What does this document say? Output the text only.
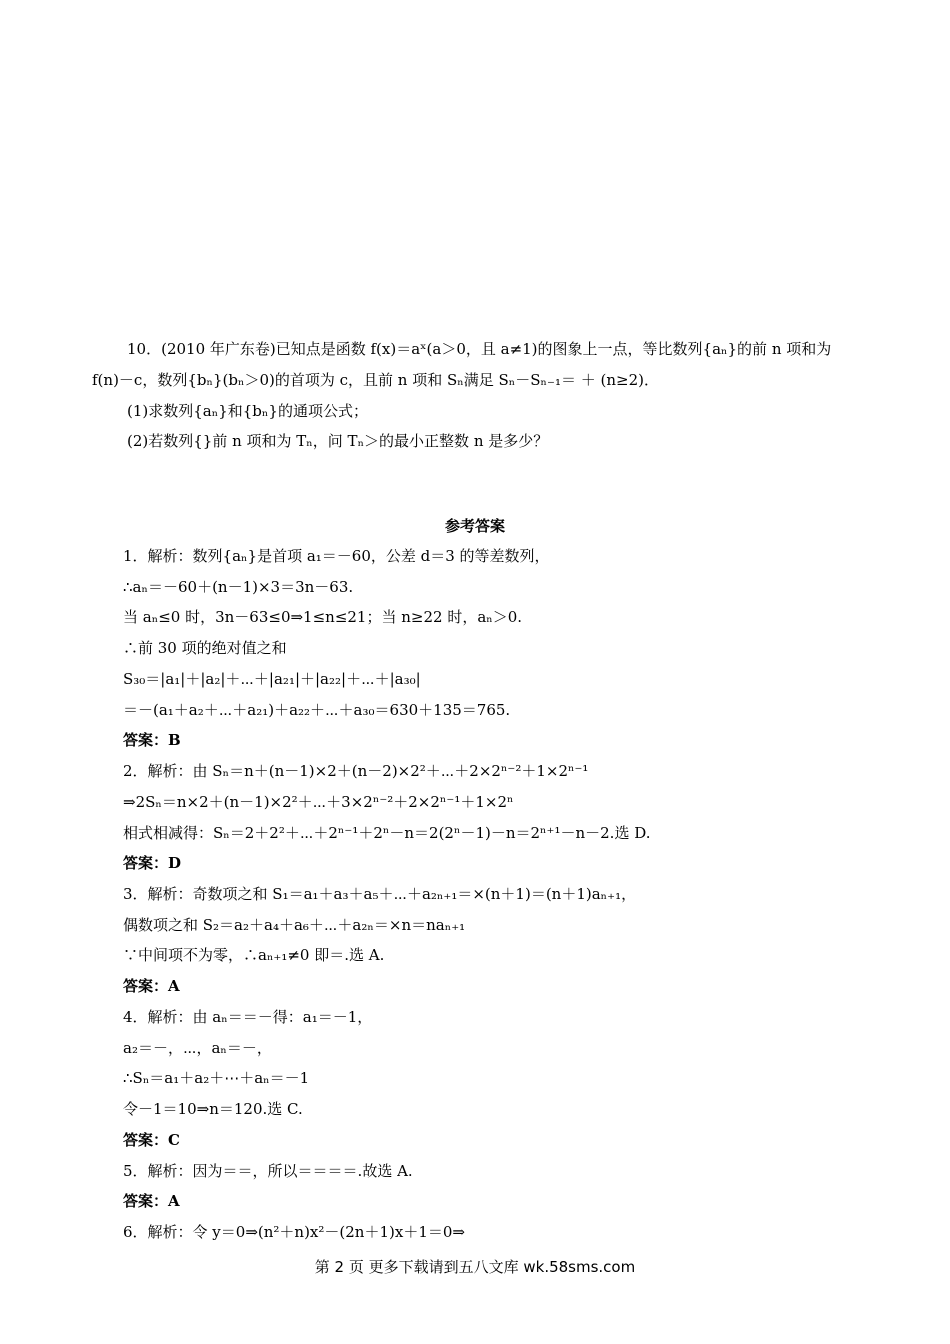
10．(2010 年广东卷)已知点是函数 f(x)＝aˣ(a＞0，且 a≠1)的图象上一点，等比数列{aₙ}的前 n 项和为
f(n)－c，数列{bₙ}(bₙ＞0)的首项为 c，且前 n 项和 Sₙ满足 Sₙ－Sₙ₋₁＝ ＋ (n≥2)．
(1)求数列{aₙ}和{bₙ}的通项公式；
(2)若数列{}前 n 项和为 Tₙ，问 Tₙ＞的最小正整数 n 是多少？
参考答案
1．解析：数列{aₙ}是首项 a₁＝－60，公差 d＝3 的等差数列，
∴aₙ＝－60＋(n－1)×3＝3n－63.
当 aₙ≤0 时，3n－63≤0⇒1≤n≤21；当 n≥22 时，aₙ＞0.
∴前 30 项的绝对值之和
S₃₀＝|a₁|＋|a₂|＋⋯＋|a₂₁|＋|a₂₂|＋⋯＋|a₃₀|
＝－(a₁＋a₂＋⋯＋a₂₁)＋a₂₂＋⋯＋a₃₀＝630＋135＝765.
答案：B
2．解析：由 Sₙ＝n＋(n－1)×2＋(n－2)×2²＋⋯＋2×2ⁿ⁻²＋1×2ⁿ⁻¹
⇒2Sₙ＝n×2＋(n－1)×2²＋⋯＋3×2ⁿ⁻²＋2×2ⁿ⁻¹＋1×2ⁿ
相式相减得：Sₙ＝2＋2²＋⋯＋2ⁿ⁻¹＋2ⁿ－n＝2(2ⁿ－1)－n＝2ⁿ⁺¹－n－2.选 D.
答案：D
3．解析：奇数项之和 S₁＝a₁＋a₃＋a₅＋⋯＋a₂ₙ₊₁＝×(n＋1)＝(n＋1)aₙ₊₁，
偶数项之和 S₂＝a₂＋a₄＋a₆＋⋯＋a₂ₙ＝×n＝naₙ₊₁
∵中间项不为零，∴aₙ₊₁≠0 即＝.选 A.
答案：A
4．解析：由 aₙ＝＝－得：a₁＝－1，
a₂＝－，⋯，aₙ＝－，
∴Sₙ＝a₁＋a₂＋⋯＋aₙ＝－1
令－1＝10⇒n＝120.选 C.
答案：C
5．解析：因为＝＝，所以＝＝＝＝.故选 A.
答案：A
6．解析：令 y＝0⇒(n²＋n)x²－(2n＋1)x＋1＝0⇒
第 2 页 更多下载请到五八文库 wk.58sms.com
